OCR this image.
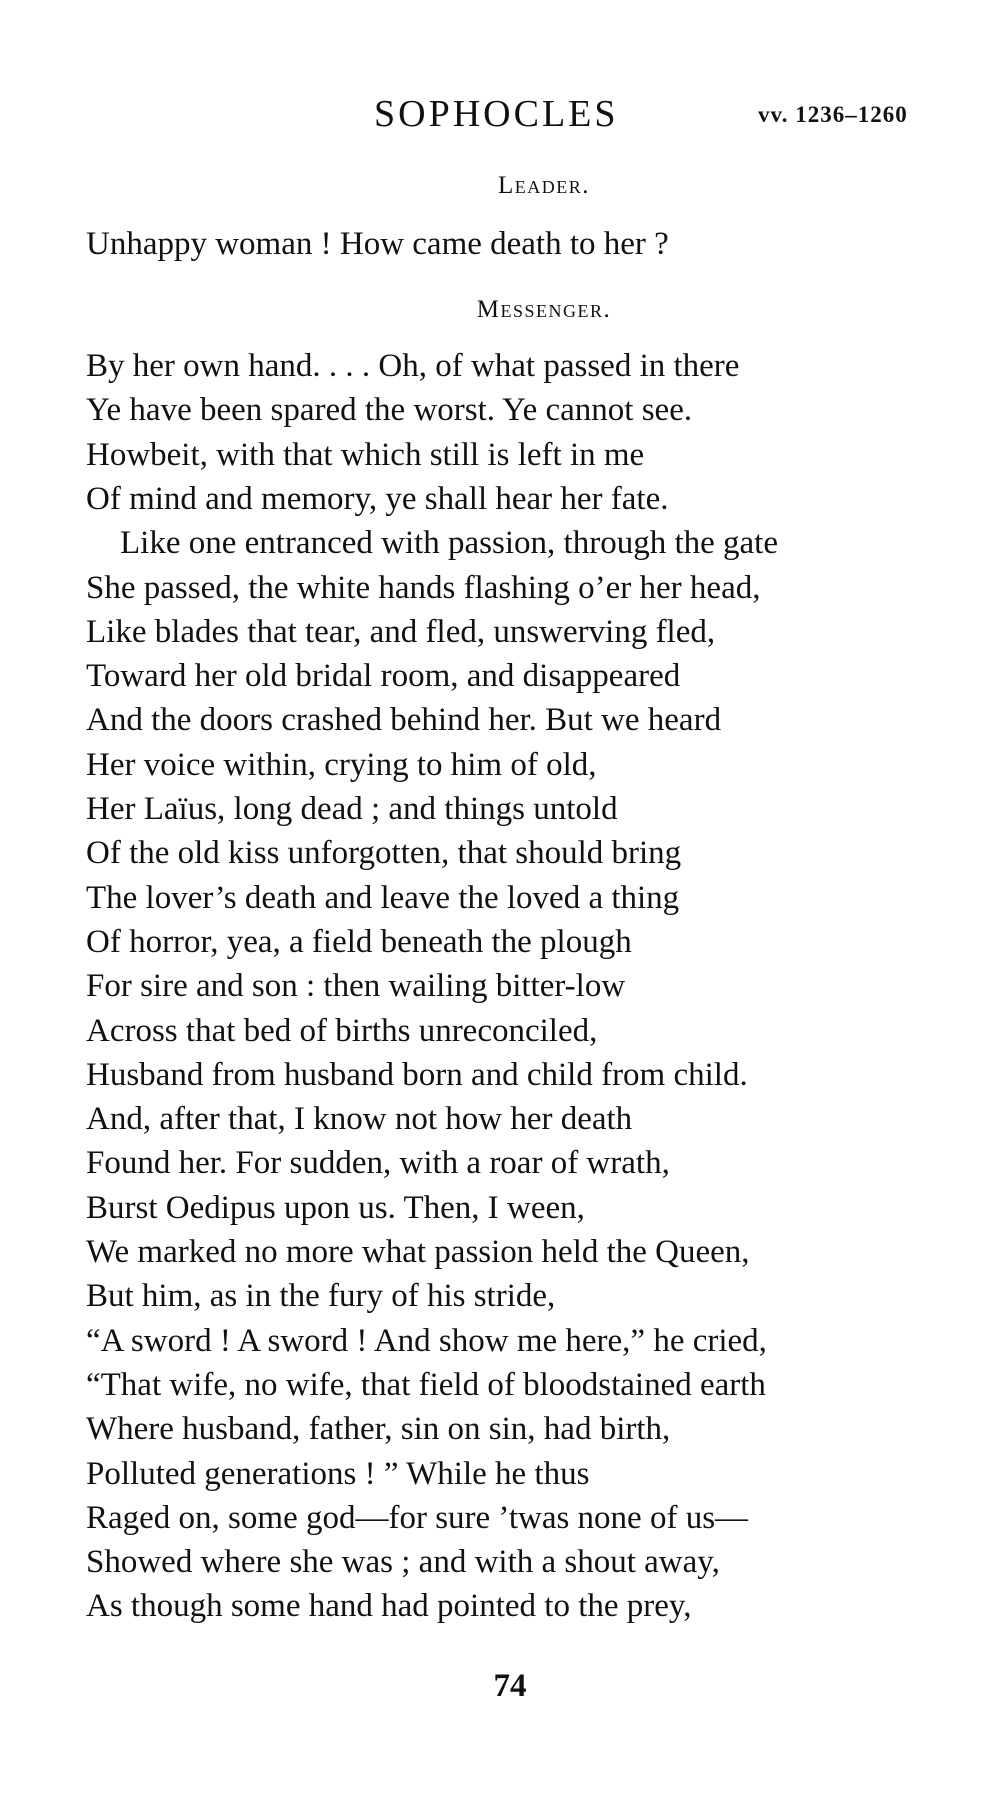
SOPHOCLES	vv. 1236–1260
Leader.
Unhappy woman ! How came death to her ?
Messenger.
By her own hand. . . . Oh, of what passed in there
Ye have been spared the worst. Ye cannot see.
Howbeit, with that which still is left in me
Of mind and memory, ye shall hear her fate.
Like one entranced with passion, through the gate
She passed, the white hands flashing o’er her head,
Like blades that tear, and fled, unswerving fled,
Toward her old bridal room, and disappeared
And the doors crashed behind her. But we heard
Her voice within, crying to him of old,
Her Laïus, long dead ; and things untold
Of the old kiss unforgotten, that should bring
The lover’s death and leave the loved a thing
Of horror, yea, a field beneath the plough
For sire and son : then wailing bitter-low
Across that bed of births unreconciled,
Husband from husband born and child from child.
And, after that, I know not how her death
Found her. For sudden, with a roar of wrath,
Burst Oedipus upon us. Then, I ween,
We marked no more what passion held the Queen,
But him, as in the fury of his stride,
“A sword ! A sword ! And show me here,” he cried,
“That wife, no wife, that field of bloodstained earth
Where husband, father, sin on sin, had birth,
Polluted generations ! ” While he thus
Raged on, some god—for sure ’twas none of us—
Showed where she was ; and with a shout away,
As though some hand had pointed to the prey,
74
